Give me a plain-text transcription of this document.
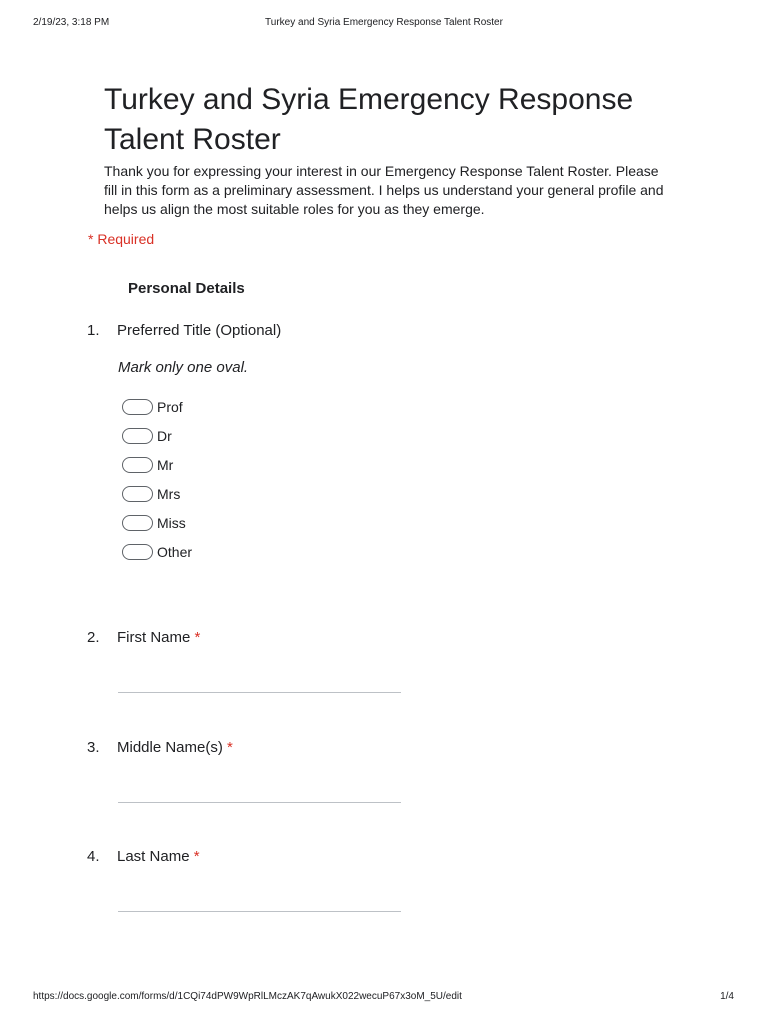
2/19/23, 3:18 PM	Turkey and Syria Emergency Response Talent Roster
Turkey and Syria Emergency Response Talent Roster

Thank you for expressing your interest in our Emergency Response Talent Roster. Please fill in this form as a preliminary assessment. I helps us understand your general profile and helps us align the most suitable roles for you as they emerge.

* Required
Personal Details
1. Preferred Title (Optional)
Mark only one oval.
Prof
Dr
Mr
Mrs
Miss
Other
2. First Name *
3. Middle Name(s) *
4. Last Name *
https://docs.google.com/forms/d/1CQi74dPW9WpRlLMczAK7qAwukX022wecuP67x3oM_5U/edit	1/4
